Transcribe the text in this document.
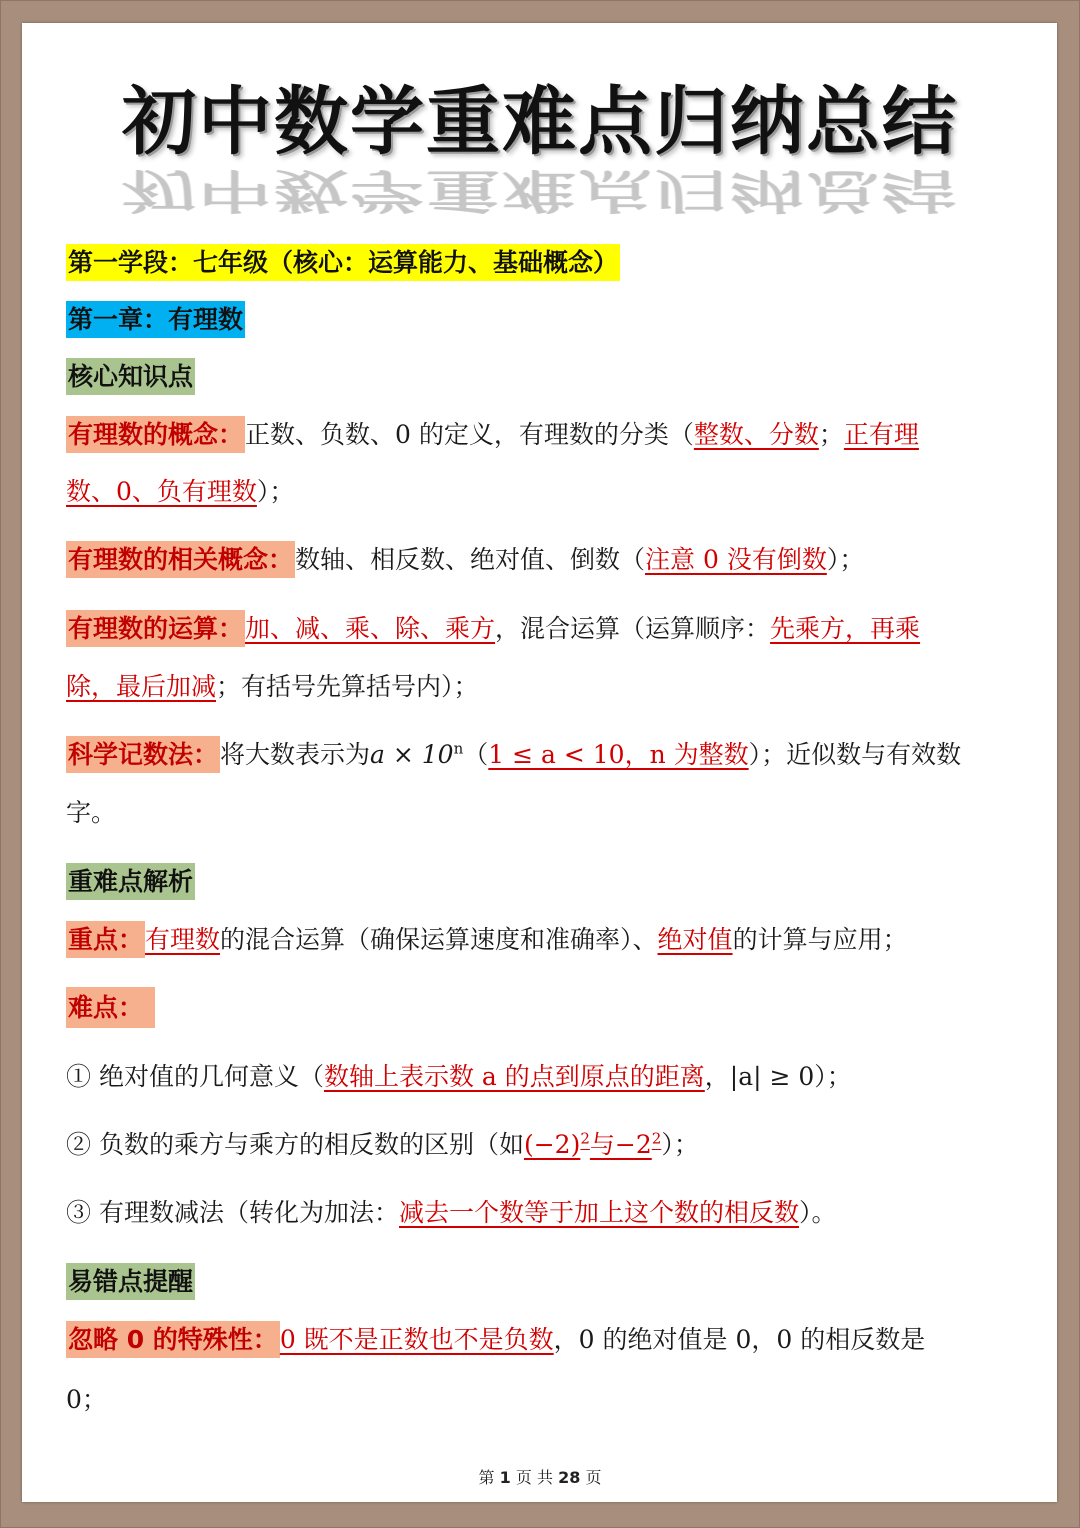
初中数学重难点归纳总结
初中数学重难点归纳总结
第一学段：七年级（核心：运算能力、基础概念）
第一章：有理数
核心知识点
有理数的概念：正数、负数、0 的定义，有理数的分类（整数、分数；正有理
数、0、负有理数）；
有理数的相关概念：数轴、相反数、绝对值、倒数（注意 0 没有倒数）；
有理数的运算：加、减、乘、除、乘方，混合运算（运算顺序：先乘方，再乘
除，最后加减；有括号先算括号内）；
科学记数法：将大数表示为$a \times 10^n(1 \le a < 10$，n 为整数）；近似数与有效数
字。
重难点解析
重点：有理数的混合运算（确保运算速度和准确率）、绝对值的计算与应用；
难点：
① 绝对值的几何意义（数轴上表示数 a 的点到原点的距离，|a| ≥ 0）；
② 负数的乘方与乘方的相反数的区别（如$(-2)^2$与$-2^2$）；
③ 有理数减法（转化为加法：减去一个数等于加上这个数的相反数）。
易错点提醒
忽略 0 的特殊性：0 既不是正数也不是负数，0 的绝对值是 0，0 的相反数是
0；
第 1 页 共 28 页
